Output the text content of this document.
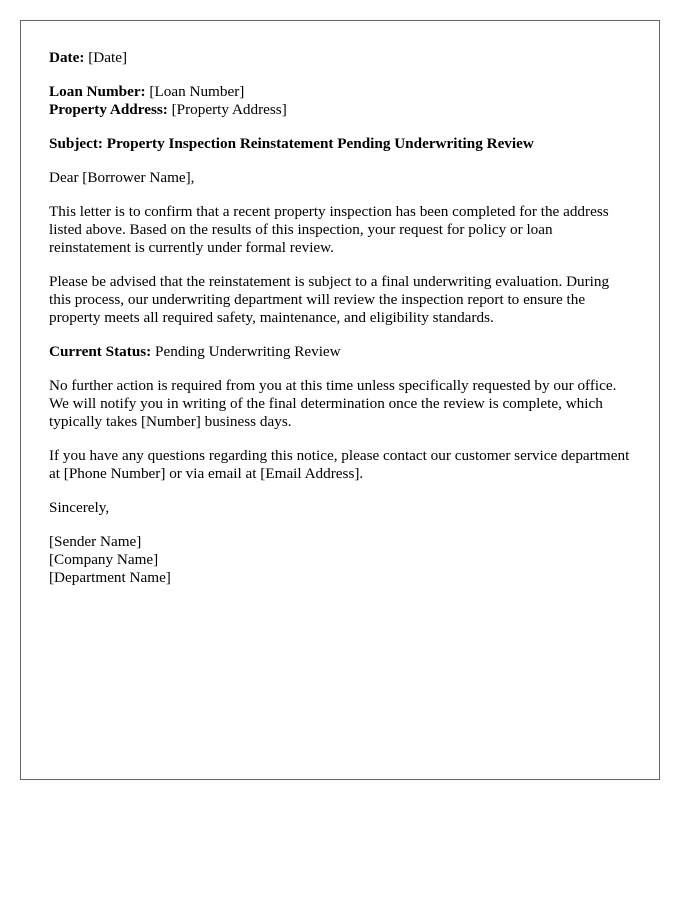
Date: [Date]

Loan Number: [Loan Number]
Property Address: [Property Address]

Subject: Property Inspection Reinstatement Pending Underwriting Review

Dear [Borrower Name],

This letter is to confirm that a recent property inspection has been completed for the address listed above. Based on the results of this inspection, your request for policy or loan reinstatement is currently under formal review.

Please be advised that the reinstatement is subject to a final underwriting evaluation. During this process, our underwriting department will review the inspection report to ensure the property meets all required safety, maintenance, and eligibility standards.

Current Status: Pending Underwriting Review

No further action is required from you at this time unless specifically requested by our office. We will notify you in writing of the final determination once the review is complete, which typically takes [Number] business days.

If you have any questions regarding this notice, please contact our customer service department at [Phone Number] or via email at [Email Address].

Sincerely,

[Sender Name]
[Company Name]
[Department Name]
